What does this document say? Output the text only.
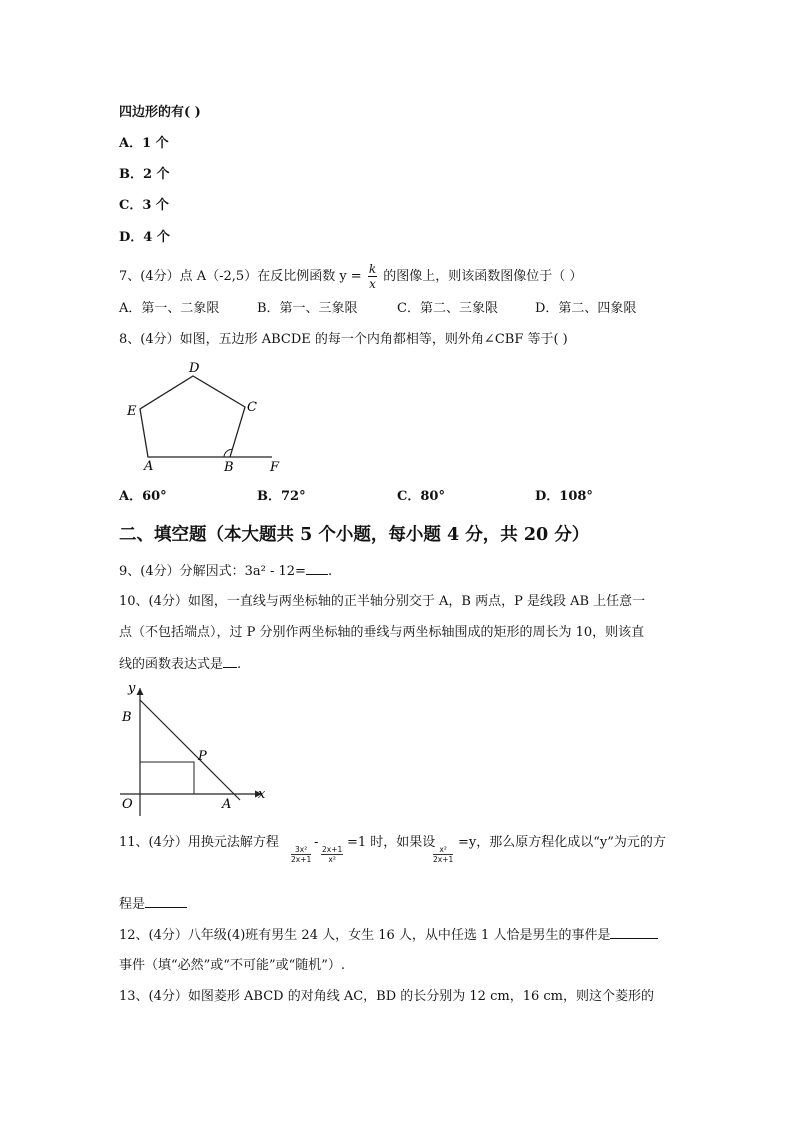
四边形的有( )
A．1 个
B．2 个
C．3 个
D．4 个
7、(4分）点 A（-2,5）在反比例函数 $y = \frac{k}{x}$ 的图像上，则该函数图像位于（ ）
A．第一、二象限	B．第一、三象限	C．第二、三象限	D．第二、四象限
8、(4分）如图，五边形 ABCDE 的每一个内角都相等，则外角∠CBF 等于( )
D
C
E
A	B	F
A．60°	B．72°	C．80°	D．108°
二、填空题（本大题共 5 个小题，每小题 4 分，共 20 分）
9、(4分）分解因式：3a² - 12= .
10、(4分）如图，一直线与两坐标轴的正半轴分别交于 A，B 两点，P 是线段 AB 上任意一
点（不包括端点），过 P 分别作两坐标轴的垂线与两坐标轴围成的矩形的周长为 10，则该直
线的函数表达式是 .
y
B
P
O	A
x
11、(4分）用换元法解方程
$\frac{\text{3x²}}{2x+1}$
-
$\frac{2x+1}{\text{x²}}$
=1 时，如果设
$\frac{\text{x²}}{2x+1}$
=y，那么原方程化成以“y”为元的方
程是
12、(4分）八年级(4)班有男生 24 人，女生 16 人，从中任选 1 人恰是男生的事件是
事件（填“必然”或“不可能”或“随机”）.
13、(4分）如图菱形 ABCD 的对角线 AC，BD 的长分别为 12 cm，16 cm，则这个菱形的
